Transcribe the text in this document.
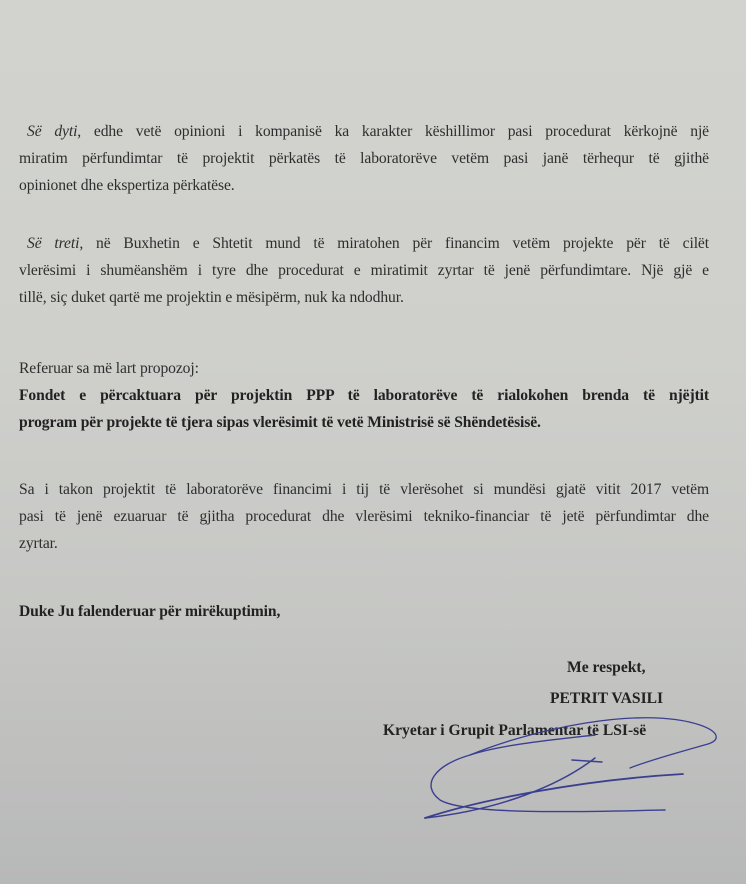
Së dyti, edhe vetë opinioni i kompanisë ka karakter këshillimor pasi procedurat kërkojnë një
miratim përfundimtar të projektit përkatës të laboratorëve vetëm pasi janë tërhequr të gjithë
opinionet dhe ekspertiza përkatëse.
Së treti, në Buxhetin e Shtetit mund të miratohen për financim vetëm projekte për të cilët
vlerësimi i shumëanshëm i tyre dhe procedurat e miratimit zyrtar të jenë përfundimtare. Një gjë e
tillë, siç duket qartë me projektin e mësipërm, nuk ka ndodhur.
Referuar sa më lart propozoj:
Fondet e përcaktuara për projektin PPP të laboratorëve të rialokohen brenda të njëjtit
program për projekte të tjera sipas vlerësimit të vetë Ministrisë së Shëndetësisë.
Sa i takon projektit të laboratorëve financimi i tij të vlerësohet si mundësi gjatë vitit 2017 vetëm
pasi të jenë ezuaruar të gjitha procedurat dhe vlerësimi tekniko-financiar të jetë përfundimtar dhe
zyrtar.
Duke Ju falenderuar për mirëkuptimin,
Me respekt,
PETRIT VASILI
Kryetar i Grupit Parlamentar të LSI-së
